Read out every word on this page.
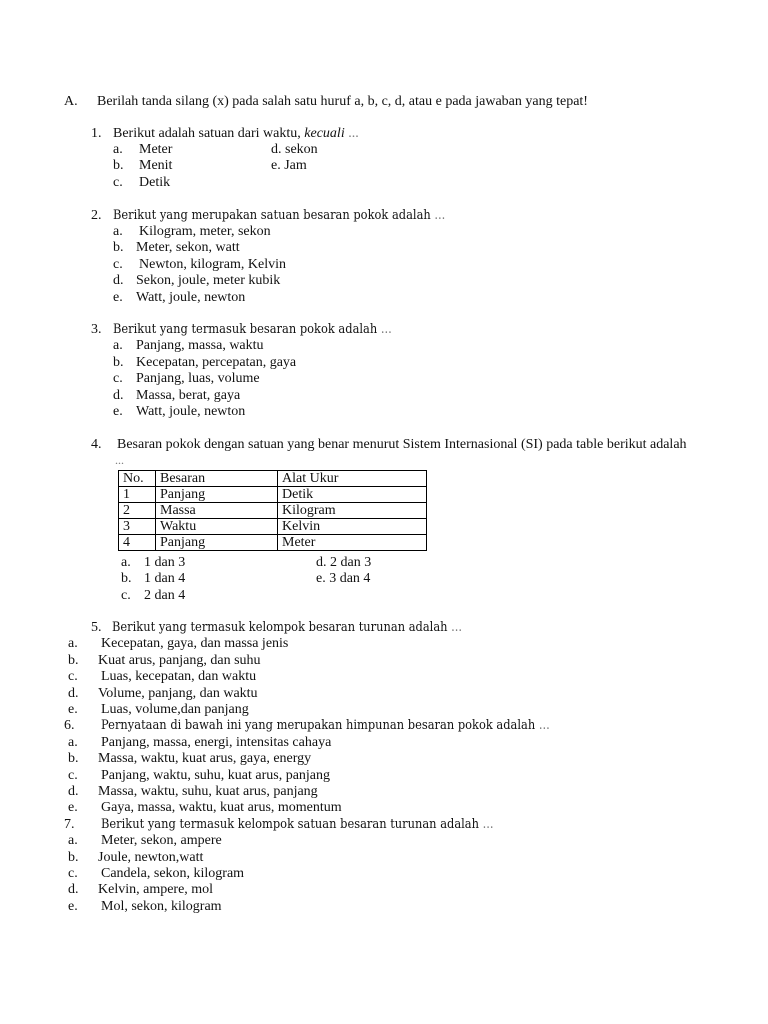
A. Berilah tanda silang (x) pada salah satu huruf a, b, c, d, atau e pada jawaban yang tepat!
1. Berikut adalah satuan dari waktu, kecuali ...
a. Meter
b. Menit
c. Detik
d. sekon
e. Jam
2. Berikut yang merupakan satuan besaran pokok adalah ...
a. Kilogram, meter, sekon
b. Meter, sekon, watt
c. Newton, kilogram, Kelvin
d. Sekon, joule, meter kubik
e. Watt, joule, newton
3. Berikut yang termasuk besaran pokok adalah ...
a. Panjang, massa, waktu
b. Kecepatan, percepatan, gaya
c. Panjang, luas, volume
d. Massa, berat, gaya
e. Watt, joule, newton
4. Besaran pokok dengan satuan yang benar menurut Sistem Internasional (SI) pada table berikut adalah
...
No.	Besaran	Alat Ukur
1	Panjang	Detik
2	Massa	Kilogram
3	Waktu	Kelvin
4	Panjang	Meter
a. 1 dan 3
b. 1 dan 4
c. 2 dan 4
d. 2 dan 3
e. 3 dan 4
5. Berikut yang termasuk kelompok besaran turunan adalah ...
a. Kecepatan, gaya, dan massa jenis
b. Kuat arus, panjang, dan suhu
c. Luas, kecepatan, dan waktu
d. Volume, panjang, dan waktu
e. Luas, volume,dan panjang
6. Pernyataan di bawah ini yang merupakan himpunan besaran pokok adalah ...
a. Panjang, massa, energi, intensitas cahaya
b. Massa, waktu, kuat arus, gaya, energy
c. Panjang, waktu, suhu, kuat arus, panjang
d. Massa, waktu, suhu, kuat arus, panjang
e. Gaya, massa, waktu, kuat arus, momentum
7. Berikut yang termasuk kelompok satuan besaran turunan adalah ...
a. Meter, sekon, ampere
b. Joule, newton,watt
c. Candela, sekon, kilogram
d. Kelvin, ampere, mol
e. Mol, sekon, kilogram
